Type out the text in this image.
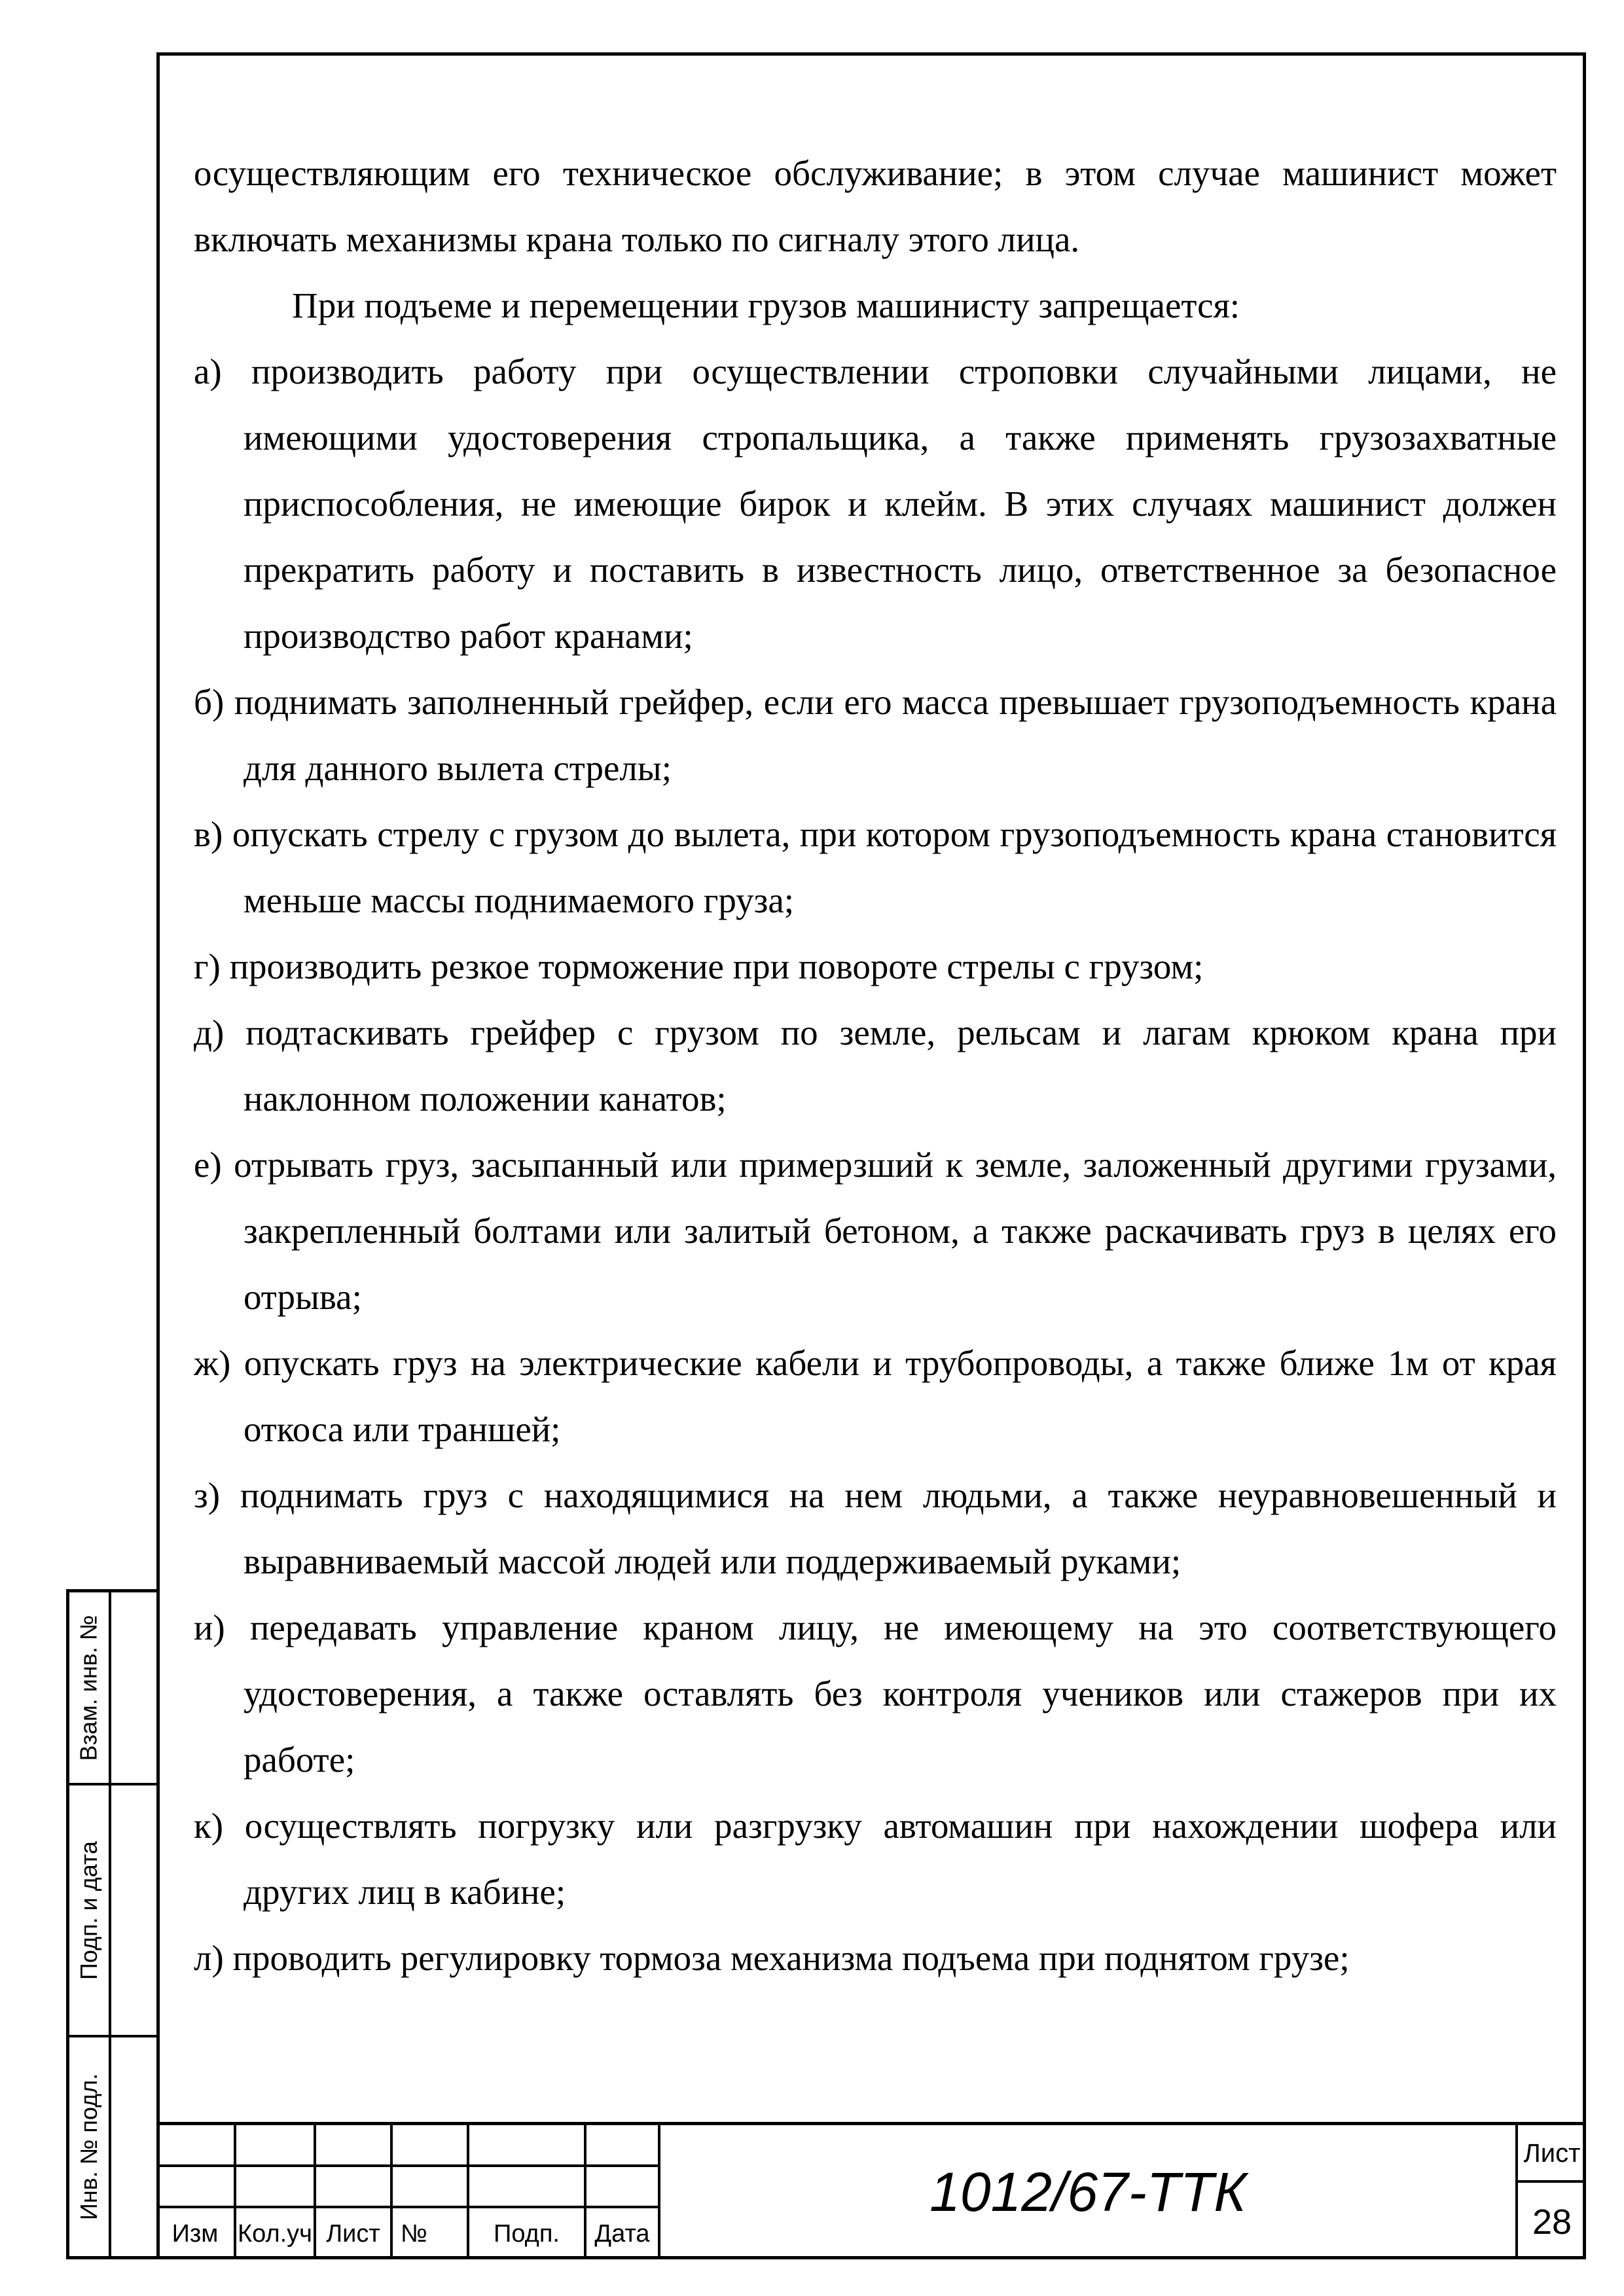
осуществляющим его техническое обслуживание; в этом случае машинист может включать механизмы крана только по сигналу этого лица.

При подъеме и перемещении грузов машинисту запрещается:

а) производить работу при осуществлении строповки случайными лицами, не имеющими удостоверения стропальщика, а также применять грузозахватные приспособления, не имеющие бирок и клейм. В этих случаях машинист должен прекратить работу и поставить в известность лицо, ответственное за безопасное производство работ кранами;

б) поднимать заполненный грейфер, если его масса превышает грузоподъемность крана для данного вылета стрелы;

в) опускать стрелу с грузом до вылета, при котором грузоподъемность крана становится меньше массы поднимаемого груза;

г) производить резкое торможение при повороте стрелы с грузом;

д) подтаскивать грейфер с грузом по земле, рельсам и лагам крюком крана при наклонном положении канатов;

е) отрывать груз, засыпанный или примерзший к земле, заложенный другими грузами, закрепленный болтами или залитый бетоном, а также раскачивать груз в целях его отрыва;

ж) опускать груз на электрические кабели и трубопроводы, а также ближе 1м от края откоса или траншей;

з) поднимать груз с находящимися на нем людьми, а также неуравновешенный и выравниваемый массой людей или поддерживаемый руками;

и) передавать управление краном лицу, не имеющему на это соответствующего удостоверения, а также оставлять без контроля учеников или стажеров при их работе;

к) осуществлять погрузку или разгрузку автомашин при нахождении шофера или других лиц в кабине;

л) проводить регулировку тормоза механизма подъема при поднятом грузе;

Взам. инв. №
Подп. и дата
Инв. № подл.
Изм Кол.уч Лист №	Подп.	Дата
1012/67-ТТК
Лист
28
